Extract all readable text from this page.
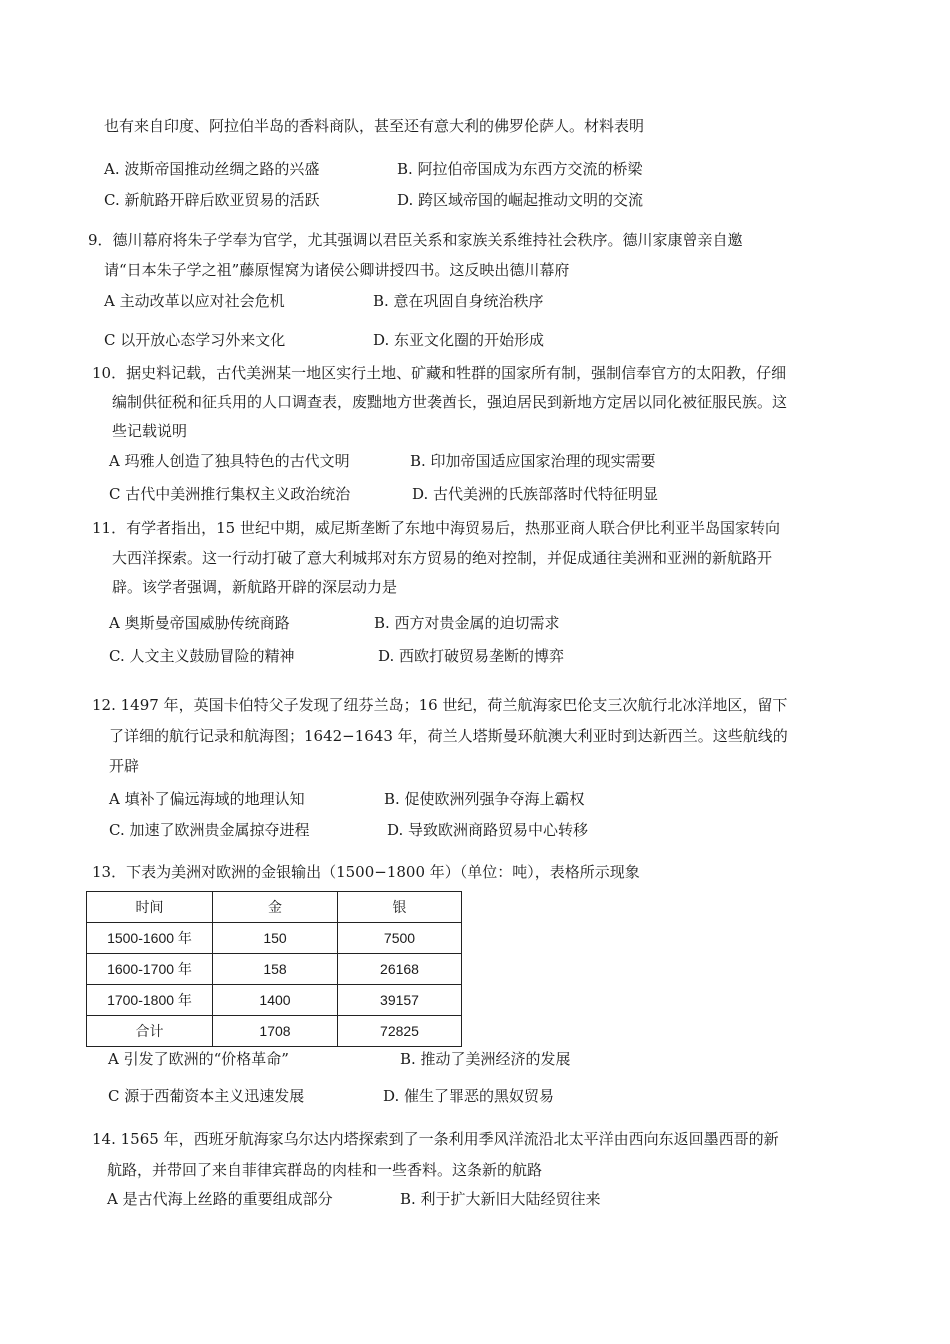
也有来自印度、阿拉伯半岛的香料商队，甚至还有意大利的佛罗伦萨人。材料表明
A. 波斯帝国推动丝绸之路的兴盛	B. 阿拉伯帝国成为东西方交流的桥梁
C. 新航路开辟后欧亚贸易的活跃	D. 跨区域帝国的崛起推动文明的交流
9．德川幕府将朱子学奉为官学，尤其强调以君臣关系和家族关系维持社会秩序。德川家康曾亲自邀
请“日本朱子学之祖”藤原惺窝为诸侯公卿讲授四书。这反映出德川幕府
A 主动改革以应对社会危机	B. 意在巩固自身统治秩序
C 以开放心态学习外来文化	D. 东亚文化圈的开始形成
10．据史料记载，古代美洲某一地区实行土地、矿藏和牲群的国家所有制，强制信奉官方的太阳教，仔细
编制供征税和征兵用的人口调查表，废黜地方世袭酋长，强迫居民到新地方定居以同化被征服民族。这
些记载说明
A 玛雅人创造了独具特色的古代文明	B. 印加帝国适应国家治理的现实需要
C 古代中美洲推行集权主义政治统治	D. 古代美洲的氏族部落时代特征明显
11．有学者指出，15 世纪中期，威尼斯垄断了东地中海贸易后，热那亚商人联合伊比利亚半岛国家转向
大西洋探索。这一行动打破了意大利城邦对东方贸易的绝对控制，并促成通往美洲和亚洲的新航路开
辟。该学者强调，新航路开辟的深层动力是
A 奥斯曼帝国威胁传统商路	B. 西方对贵金属的迫切需求
C. 人文主义鼓励冒险的精神	D. 西欧打破贸易垄断的博弈
12. 1497 年，英国卡伯特父子发现了纽芬兰岛；16 世纪，荷兰航海家巴伦支三次航行北冰洋地区，留下
了详细的航行记录和航海图；1642−1643 年，荷兰人塔斯曼环航澳大利亚时到达新西兰。这些航线的
开辟
A 填补了偏远海域的地理认知	B. 促使欧洲列强争夺海上霸权
C. 加速了欧洲贵金属掠夺进程	D. 导致欧洲商路贸易中心转移
13．下表为美洲对欧洲的金银输出（1500−1800 年）（单位：吨），表格所示现象
时间	金	银
1500-1600 年	150	7500
1600-1700 年	158	26168
1700-1800 年	1400	39157
合计	1708	72825
A 引发了欧洲的“价格革命”	B. 推动了美洲经济的发展
C 源于西葡资本主义迅速发展	D. 催生了罪恶的黑奴贸易
14. 1565 年，西班牙航海家乌尔达内塔探索到了一条利用季风洋流沿北太平洋由西向东返回墨西哥的新
航路，并带回了来自菲律宾群岛的肉桂和一些香料。这条新的航路
A 是古代海上丝路的重要组成部分	B. 利于扩大新旧大陆经贸往来
